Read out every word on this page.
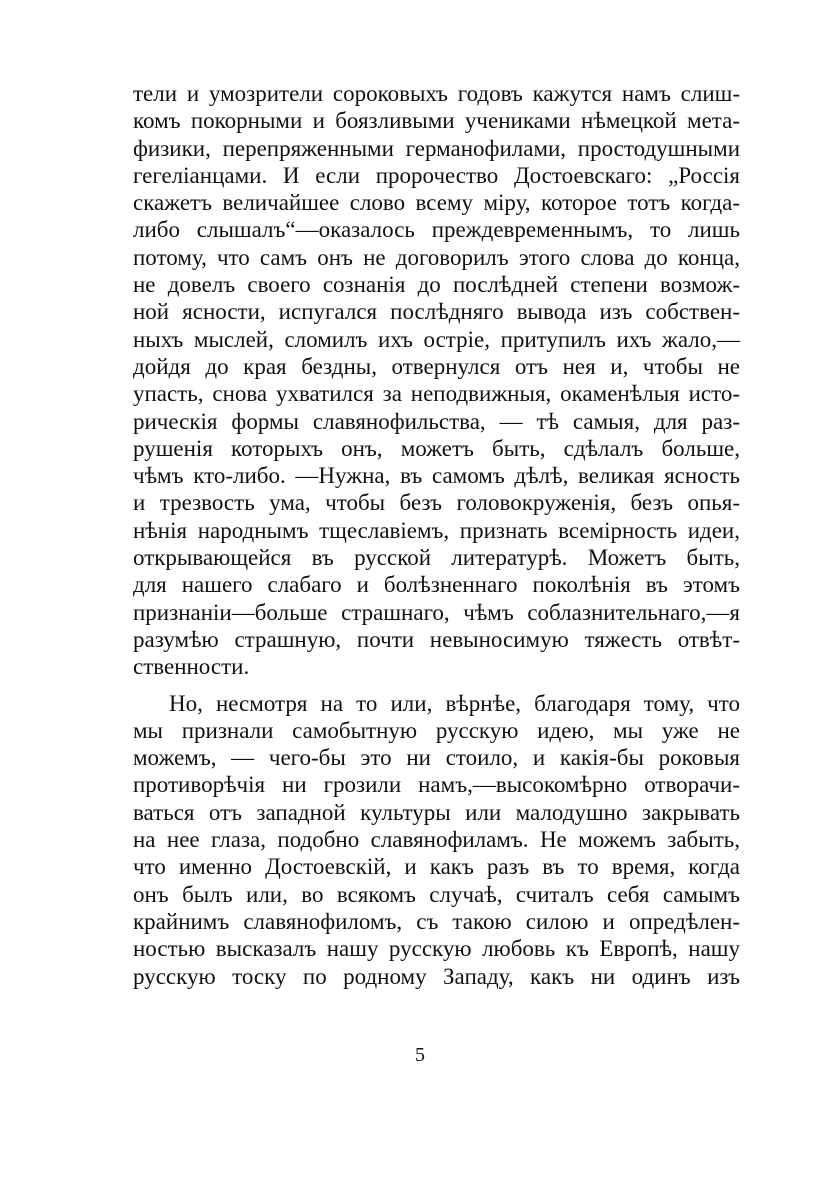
тели и умозрители сороковыхъ годовъ кажутся намъ слиш-
комъ покорными и боязливыми учениками нѣмецкой мета-
физики, перепряженными германофилами, простодушными
гегеліанцами. И если пророчество Достоевскаго: „Россія
скажетъ величайшее слово всему міру, которое тотъ когда-
либо слышалъ“—оказалось преждевременнымъ, то лишь
потому, что самъ онъ не договорилъ этого слова до конца,
не довелъ своего сознанія до послѣдней степени возмож-
ной ясности, испугался послѣдняго вывода изъ собствен-
ныхъ мыслей, сломилъ ихъ остріе, притупилъ ихъ жало,—
дойдя до края бездны, отвернулся отъ нея и, чтобы не
упасть, снова ухватился за неподвижныя, окаменѣлыя исто-
рическія формы славянофильства, — тѣ самыя, для раз-
рушенія которыхъ онъ, можетъ быть, сдѣлалъ больше,
чѣмъ кто-либо. —Нужна, въ самомъ дѣлѣ, великая ясность
и трезвость ума, чтобы безъ головокруженія, безъ опья-
нѣнія народнымъ тщеславіемъ, признать всемірность идеи,
открывающейся въ русской литературѣ. Можетъ быть,
для нашего слабаго и болѣзненнаго поколѣнія въ этомъ
признаніи—больше страшнаго, чѣмъ соблазнительнаго,—я
разумѣю страшную, почти невыносимую тяжесть отвѣт-
ственности.
Но, несмотря на то или, вѣрнѣе, благодаря тому, что
мы признали самобытную русскую идею, мы уже не
можемъ, — чего-бы это ни стоило, и какія-бы роковыя
противорѣчія ни грозили намъ,—высокомѣрно отворачи-
ваться отъ западной культуры или малодушно закрывать
на нее глаза, подобно славянофиламъ. Не можемъ забыть,
что именно Достоевскій, и какъ разъ въ то время, когда
онъ былъ или, во всякомъ случаѣ, считалъ себя самымъ
крайнимъ славянофиломъ, съ такою силою и опредѣлен-
ностью высказалъ нашу русскую любовь къ Европѣ, нашу
русскую тоску по родному Западу, какъ ни одинъ изъ
5
